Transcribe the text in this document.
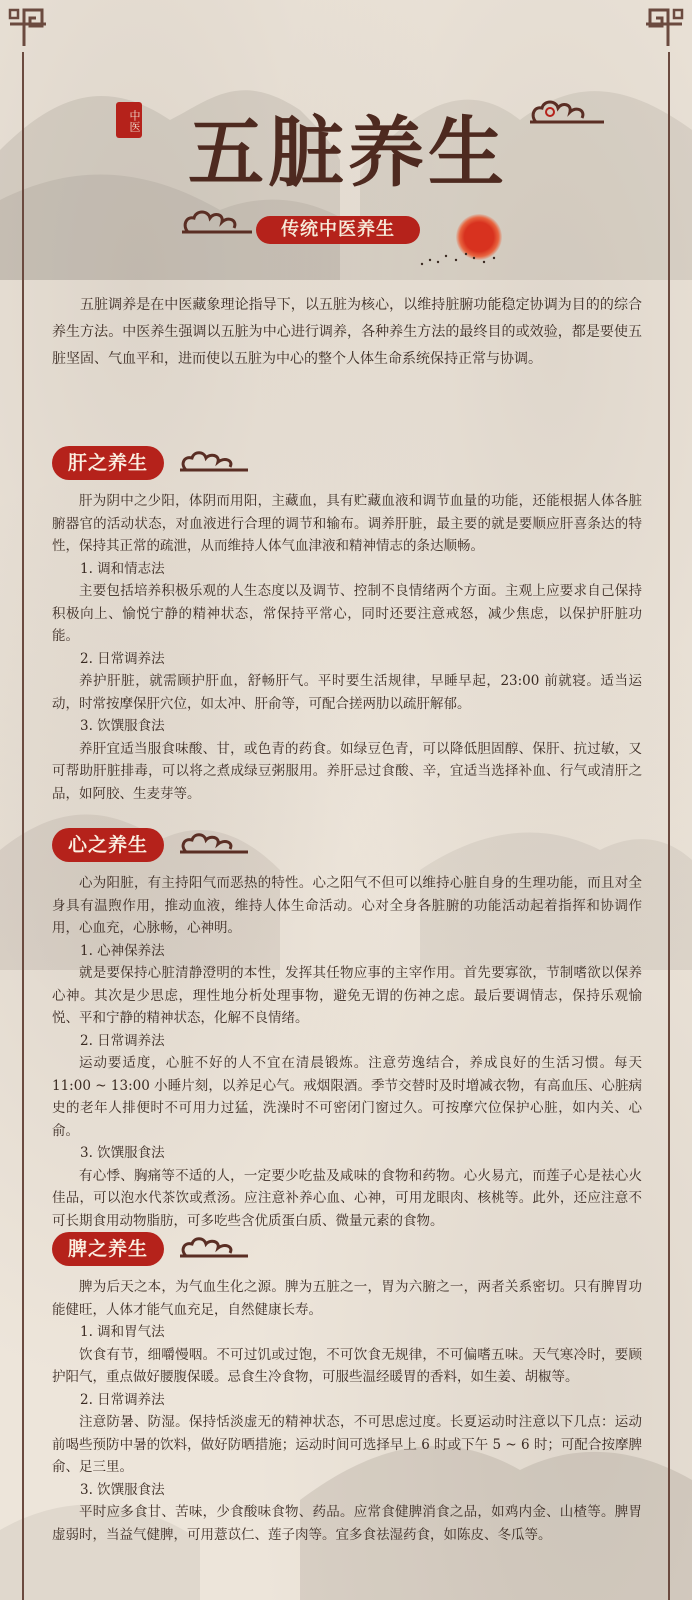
五脏养生
中医
传统中医养生

五脏调养是在中医藏象理论指导下，以五脏为核心，以维持脏腑功能稳定协调为目的的综合养生方法。中医养生强调以五脏为中心进行调养，各种养生方法的最终目的或效验，都是要使五脏坚固、气血平和，进而使以五脏为中心的整个人体生命系统保持正常与协调。

肝之养生

肝为阴中之少阳，体阴而用阳，主藏血，具有贮藏血液和调节血量的功能，还能根据人体各脏腑器官的活动状态，对血液进行合理的调节和输布。调养肝脏，最主要的就是要顺应肝喜条达的特性，保持其正常的疏泄，从而维持人体气血津液和精神情志的条达顺畅。

1. 调和情志法

主要包括培养积极乐观的人生态度以及调节、控制不良情绪两个方面。主观上应要求自己保持积极向上、愉悦宁静的精神状态，常保持平常心，同时还要注意戒怒，减少焦虑，以保护肝脏功能。

2. 日常调养法

养护肝脏，就需顾护肝血，舒畅肝气。平时要生活规律，早睡早起，23:00 前就寝。适当运动，时常按摩保肝穴位，如太冲、肝俞等，可配合搓两肋以疏肝解郁。

3. 饮馔服食法

养肝宜适当服食味酸、甘，或色青的药食。如绿豆色青，可以降低胆固醇、保肝、抗过敏，又可帮助肝脏排毒，可以将之煮成绿豆粥服用。养肝忌过食酸、辛，宜适当选择补血、行气或清肝之品，如阿胶、生麦芽等。

心之养生

心为阳脏，有主持阳气而恶热的特性。心之阳气不但可以维持心脏自身的生理功能，而且对全身具有温煦作用，推动血液，维持人体生命活动。心对全身各脏腑的功能活动起着指挥和协调作用，心血充，心脉畅，心神明。

1. 心神保养法

就是要保持心脏清静澄明的本性，发挥其任物应事的主宰作用。首先要寡欲，节制嗜欲以保养心神。其次是少思虑，理性地分析处理事物，避免无谓的伤神之虑。最后要调情志，保持乐观愉悦、平和宁静的精神状态，化解不良情绪。

2. 日常调养法

运动要适度，心脏不好的人不宜在清晨锻炼。注意劳逸结合，养成良好的生活习惯。每天 11:00 ~ 13:00 小睡片刻，以养足心气。戒烟限酒。季节交替时及时增减衣物，有高血压、心脏病史的老年人排便时不可用力过猛，洗澡时不可密闭门窗过久。可按摩穴位保护心脏，如内关、心俞。

3. 饮馔服食法

有心悸、胸痛等不适的人，一定要少吃盐及咸味的食物和药物。心火易亢，而莲子心是祛心火佳品，可以泡水代茶饮或煮汤。应注意补养心血、心神，可用龙眼肉、核桃等。此外，还应注意不可长期食用动物脂肪，可多吃些含优质蛋白质、微量元素的食物。

脾之养生

脾为后天之本，为气血生化之源。脾为五脏之一，胃为六腑之一，两者关系密切。只有脾胃功能健旺，人体才能气血充足，自然健康长寿。

1. 调和胃气法

饮食有节，细嚼慢咽。不可过饥或过饱，不可饮食无规律，不可偏嗜五味。天气寒冷时，要顾护阳气，重点做好腰腹保暖。忌食生冷食物，可服些温经暖胃的香料，如生姜、胡椒等。

2. 日常调养法

注意防暑、防湿。保持恬淡虚无的精神状态，不可思虑过度。长夏运动时注意以下几点：运动前喝些预防中暑的饮料，做好防晒措施；运动时间可选择早上 6 时或下午 5 ~ 6 时；可配合按摩脾俞、足三里。

3. 饮馔服食法

平时应多食甘、苦味，少食酸味食物、药品。应常食健脾消食之品，如鸡内金、山楂等。脾胃虚弱时，当益气健脾，可用薏苡仁、莲子肉等。宜多食祛湿药食，如陈皮、冬瓜等。
